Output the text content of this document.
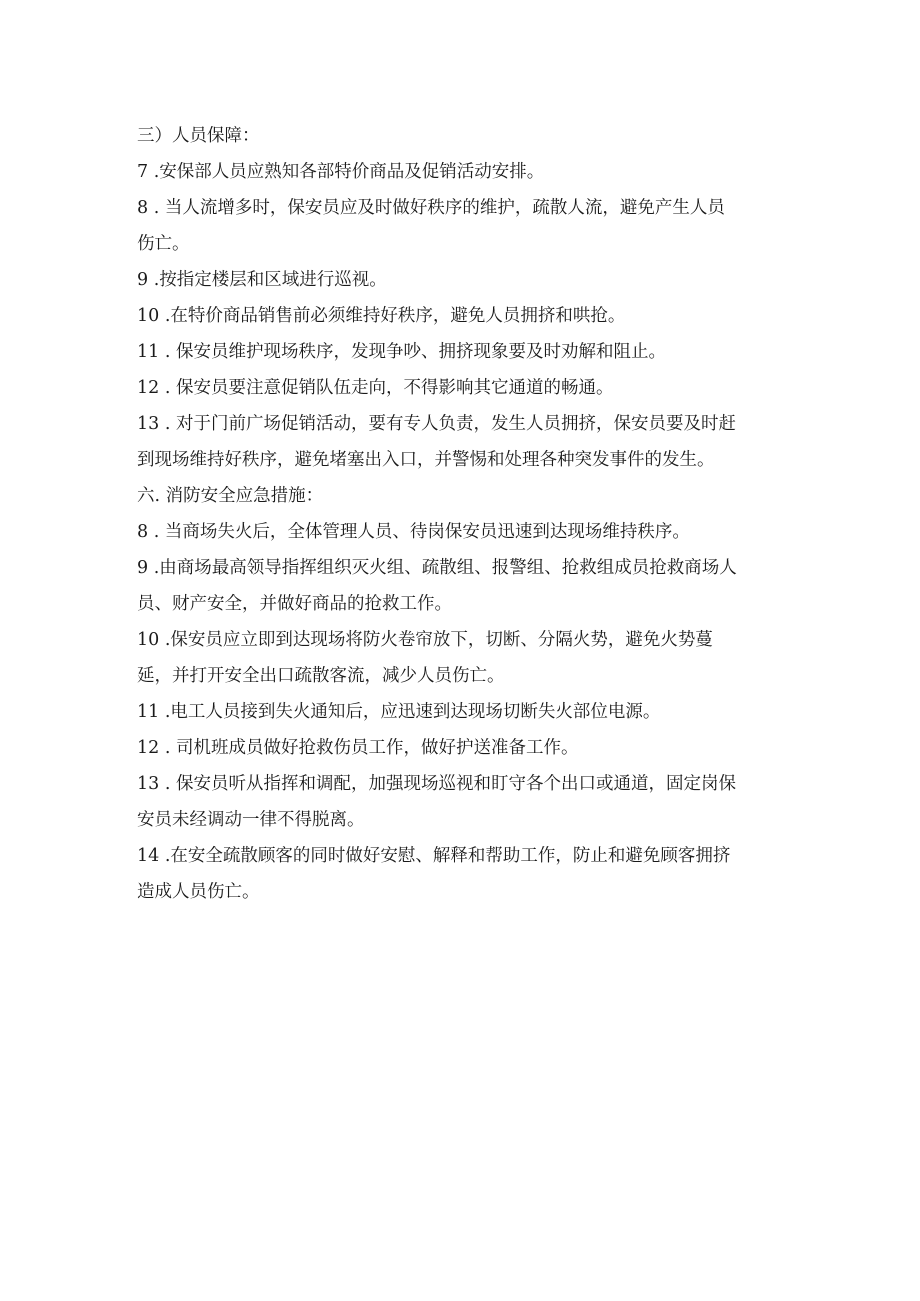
三）人员保障：
7 .安保部人员应熟知各部特价商品及促销活动安排。
8 . 当人流增多时，保安员应及时做好秩序的维护，疏散人流，避免产生人员
伤亡。
9 .按指定楼层和区域进行巡视。
10 .在特价商品销售前必须维持好秩序，避免人员拥挤和哄抢。
11 . 保安员维护现场秩序，发现争吵、拥挤现象要及时劝解和阻止。
12 . 保安员要注意促销队伍走向，不得影响其它通道的畅通。
13 . 对于门前广场促销活动，要有专人负责，发生人员拥挤，保安员要及时赶
到现场维持好秩序，避免堵塞出入口，并警惕和处理各种突发事件的发生。
六. 消防安全应急措施：
8 . 当商场失火后，全体管理人员、待岗保安员迅速到达现场维持秩序。
9 .由商场最高领导指挥组织灭火组、疏散组、报警组、抢救组成员抢救商场人
员、财产安全，并做好商品的抢救工作。
10 .保安员应立即到达现场将防火卷帘放下，切断、分隔火势，避免火势蔓
延，并打开安全出口疏散客流，减少人员伤亡。
11 .电工人员接到失火通知后，应迅速到达现场切断失火部位电源。
12 . 司机班成员做好抢救伤员工作，做好护送准备工作。
13 . 保安员听从指挥和调配，加强现场巡视和盯守各个出口或通道，固定岗保
安员未经调动一律不得脱离。
14 .在安全疏散顾客的同时做好安慰、解释和帮助工作，防止和避免顾客拥挤
造成人员伤亡。
